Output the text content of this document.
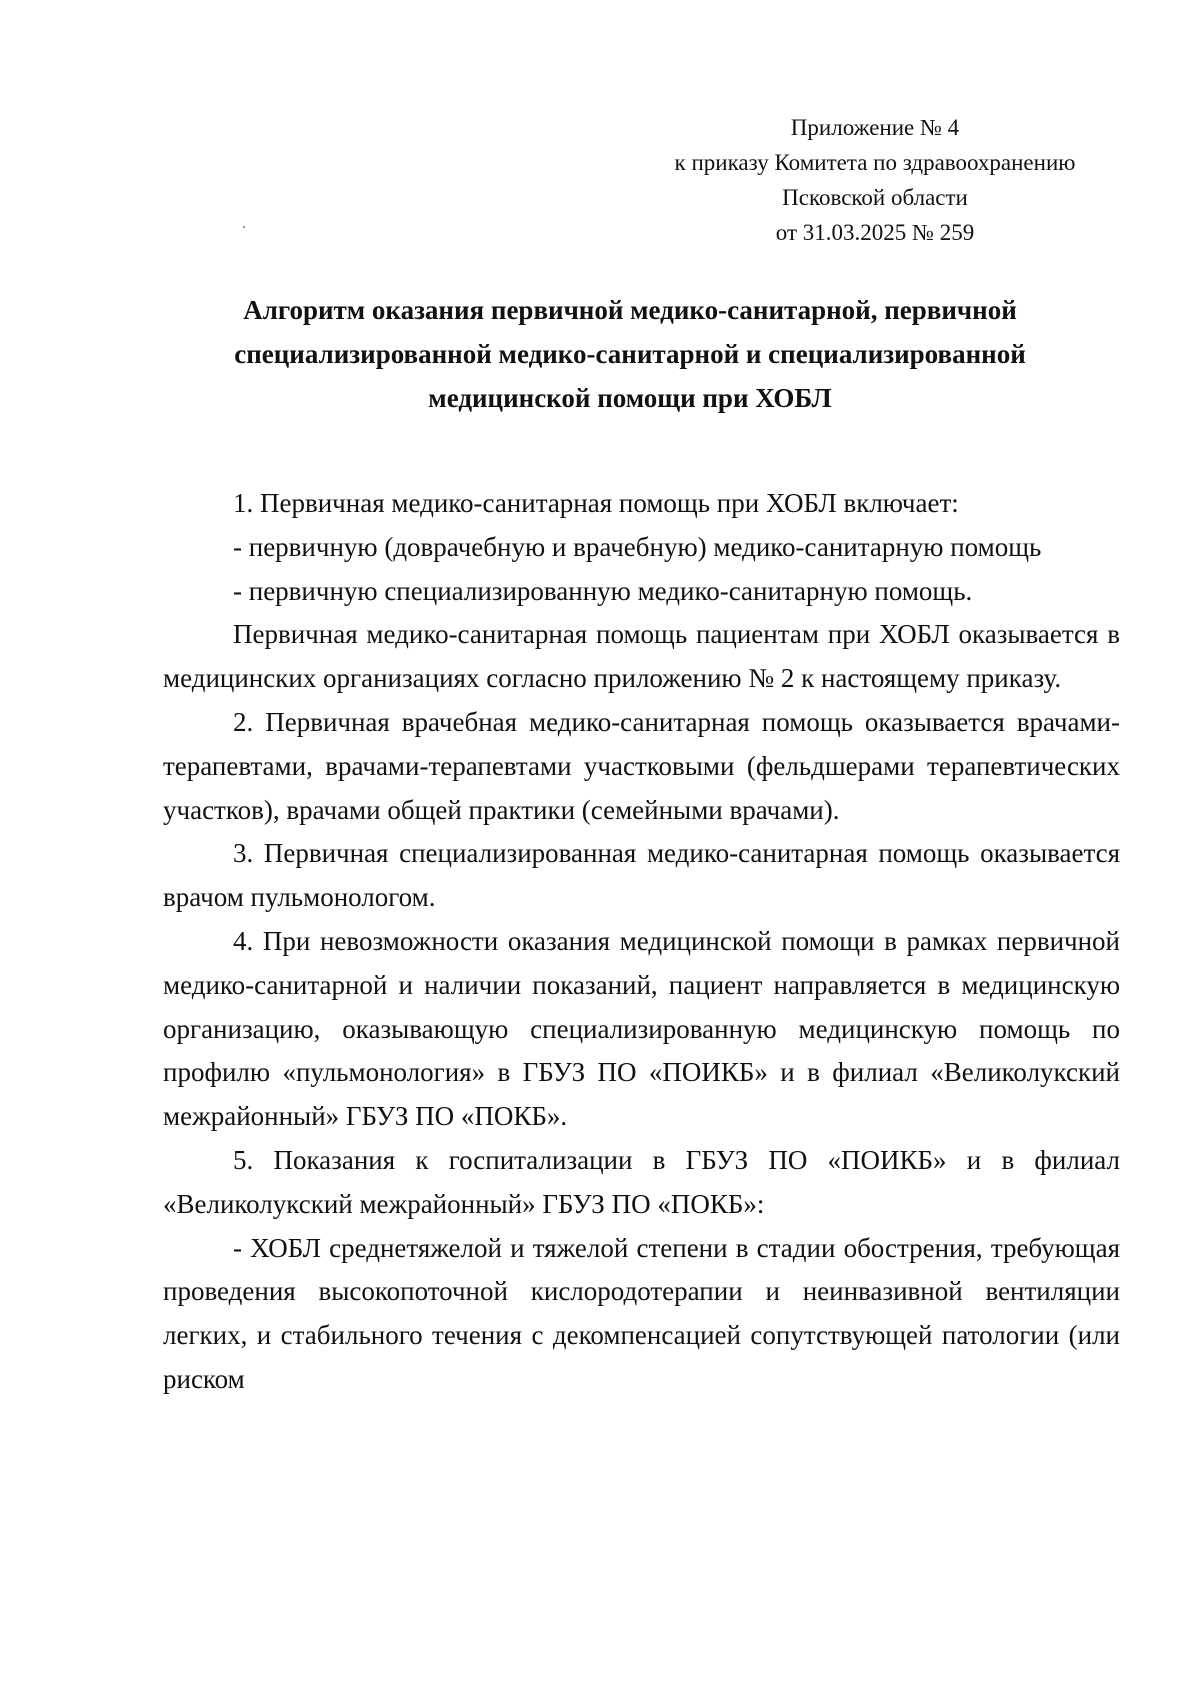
Приложение № 4
к приказу Комитета по здравоохранению
Псковской области
от 31.03.2025 № 259
Алгоритм оказания первичной медико-санитарной, первичной
специализированной медико-санитарной и специализированной
медицинской помощи при ХОБЛ

1. Первичная медико-санитарная помощь при ХОБЛ включает:

- первичную (доврачебную и врачебную) медико-санитарную помощь

- первичную специализированную медико-санитарную помощь.

Первичная медико-санитарная помощь пациентам при ХОБЛ оказывается в медицинских организациях согласно приложению № 2 к настоящему приказу.

2. Первичная врачебная медико-санитарная помощь оказывается врачами-терапевтами, врачами-терапевтами участковыми (фельдшерами терапевтических участков), врачами общей практики (семейными врачами).

3. Первичная специализированная медико-санитарная помощь оказывается врачом пульмонологом.

4. При невозможности оказания медицинской помощи в рамках первичной медико-санитарной и наличии показаний, пациент направляется в медицинскую организацию, оказывающую специализированную медицинскую помощь по профилю «пульмонология» в ГБУЗ ПО «ПОИКБ» и в филиал «Великолукский межрайонный» ГБУЗ ПО «ПОКБ».

5. Показания к госпитализации в ГБУЗ ПО «ПОИКБ» и в филиал «Великолукский межрайонный» ГБУЗ ПО «ПОКБ»:

- ХОБЛ среднетяжелой и тяжелой степени в стадии обострения, требующая проведения высокопоточной кислородотерапии и неинвазивной вентиляции легких, и стабильного течения с декомпенсацией сопутствующей патологии (или риском
